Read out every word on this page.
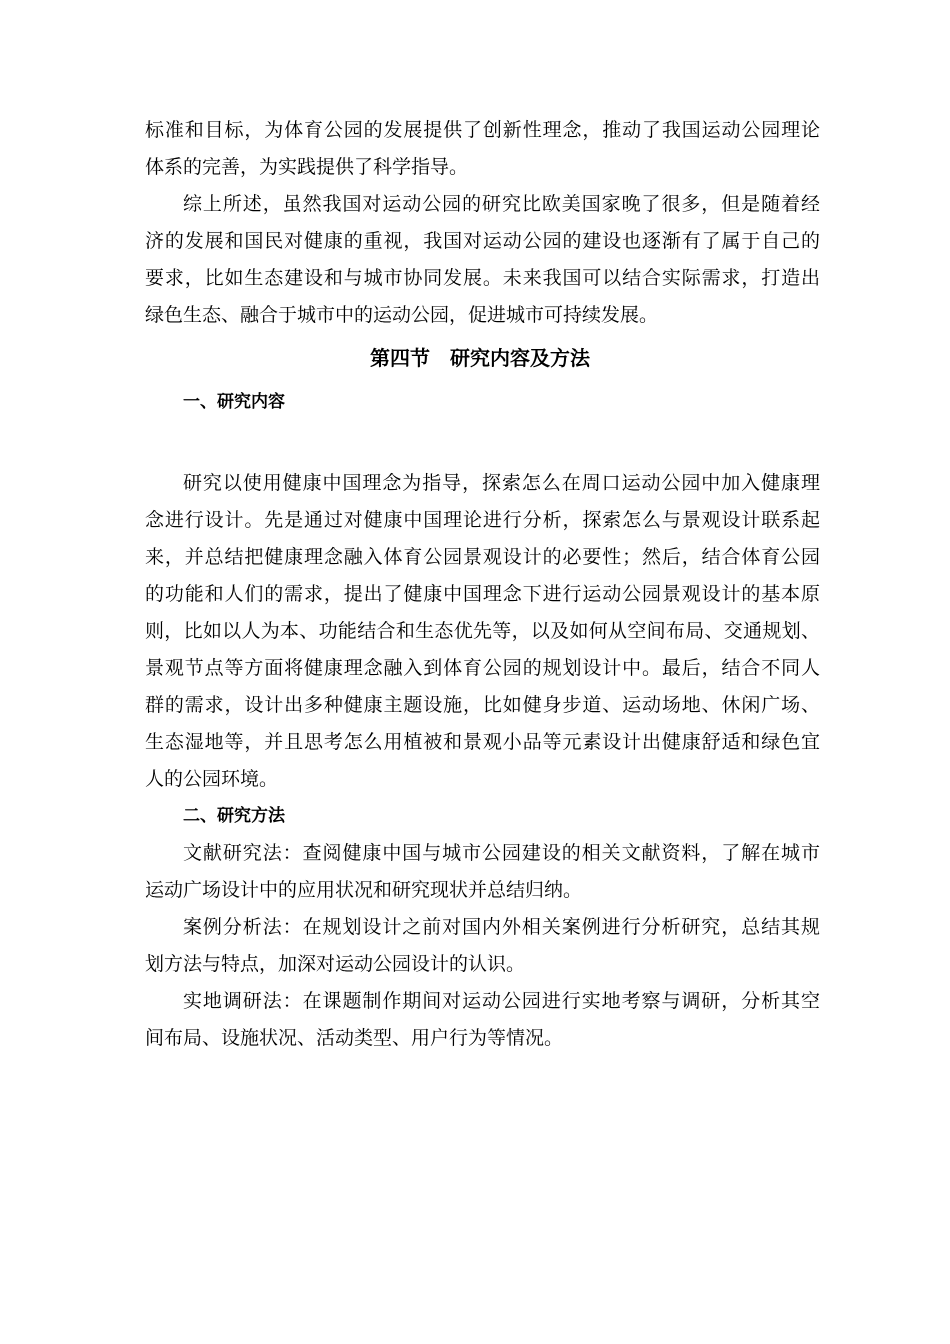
标准和目标，为体育公园的发展提供了创新性理念，推动了我国运动公园理论
体系的完善，为实践提供了科学指导。
综上所述，虽然我国对运动公园的研究比欧美国家晚了很多，但是随着经
济的发展和国民对健康的重视，我国对运动公园的建设也逐渐有了属于自己的
要求，比如生态建设和与城市协同发展。未来我国可以结合实际需求，打造出
绿色生态、融合于城市中的运动公园，促进城市可持续发展。
第四节　研究内容及方法
一、研究内容
研究以使用健康中国理念为指导，探索怎么在周口运动公园中加入健康理
念进行设计。先是通过对健康中国理论进行分析，探索怎么与景观设计联系起
来，并总结把健康理念融入体育公园景观设计的必要性；然后，结合体育公园
的功能和人们的需求，提出了健康中国理念下进行运动公园景观设计的基本原
则，比如以人为本、功能结合和生态优先等，以及如何从空间布局、交通规划、
景观节点等方面将健康理念融入到体育公园的规划设计中。最后，结合不同人
群的需求，设计出多种健康主题设施，比如健身步道、运动场地、休闲广场、
生态湿地等，并且思考怎么用植被和景观小品等元素设计出健康舒适和绿色宜
人的公园环境。
二、研究方法
文献研究法：查阅健康中国与城市公园建设的相关文献资料，了解在城市
运动广场设计中的应用状况和研究现状并总结归纳。
案例分析法：在规划设计之前对国内外相关案例进行分析研究，总结其规
划方法与特点，加深对运动公园设计的认识。
实地调研法：在课题制作期间对运动公园进行实地考察与调研，分析其空
间布局、设施状况、活动类型、用户行为等情况。
